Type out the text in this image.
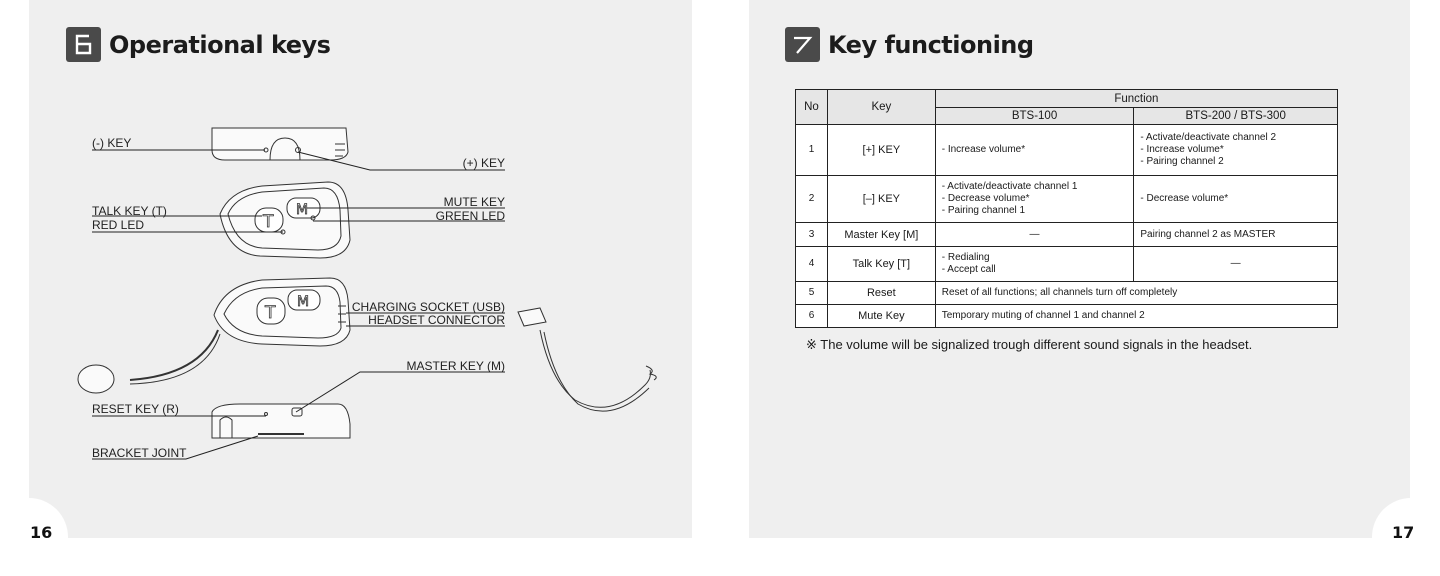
16	17
Operational keys
T
M
T
M
(-) KEY
(+) KEY
TALK KEY (T)
RED LED
MUTE KEY
GREEN LED
CHARGING SOCKET (USB)
HEADSET CONNECTOR
MASTER KEY (M)
RESET KEY (R)
BRACKET JOINT
Key functioning
No	Key	Function	
		BTS-100	BTS-200 / BTS-300
1	[+] KEY	- Increase volume*	- Activate/deactivate channel 2
- Increase volume*
- Pairing channel 2

2	[–] KEY	- Activate/deactivate channel 1
- Decrease volume*
- Pairing channel 1	- Decrease volume*

3	Master Key [M]	—	Pairing channel 2 as MASTER
4	Talk Key [T]	- Redialing
- Accept call	—
5	Reset	Reset of all functions; all channels turn off completely	
6	Mute Key	Temporary muting of channel 1 and channel 2	
※ The volume will be signalized trough different sound signals in the headset.
